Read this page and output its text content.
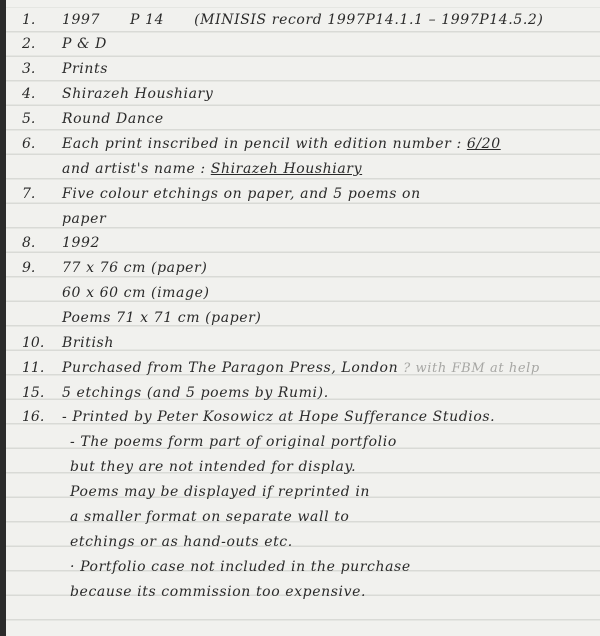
1. 1997 P 14 (MINISIS record 1997P14.1.1 – 1997P14.5.2)
2. P & D
3. Prints
4. Shirazeh Houshiary
5. Round Dance
6. Each print inscribed in pencil with edition number : 6/20
and artist's name : Shirazeh Houshiary
7. Five colour etchings on paper, and 5 poems on
paper
8. 1992
9. 77 x 76 cm (paper)
60 x 60 cm (image)
Poems 71 x 71 cm (paper)
10. British
11. Purchased from The Paragon Press, London ? with FBM at help
15. 5 etchings (and 5 poems by Rumi).
16. - Printed by Peter Kosowicz at Hope Sufferance Studios.
- The poems form part of original portfolio
but they are not intended for display.
Poems may be displayed if reprinted in
a smaller format on separate wall to
etchings or as hand-outs etc.
· Portfolio case not included in the purchase
because its commission too expensive.
